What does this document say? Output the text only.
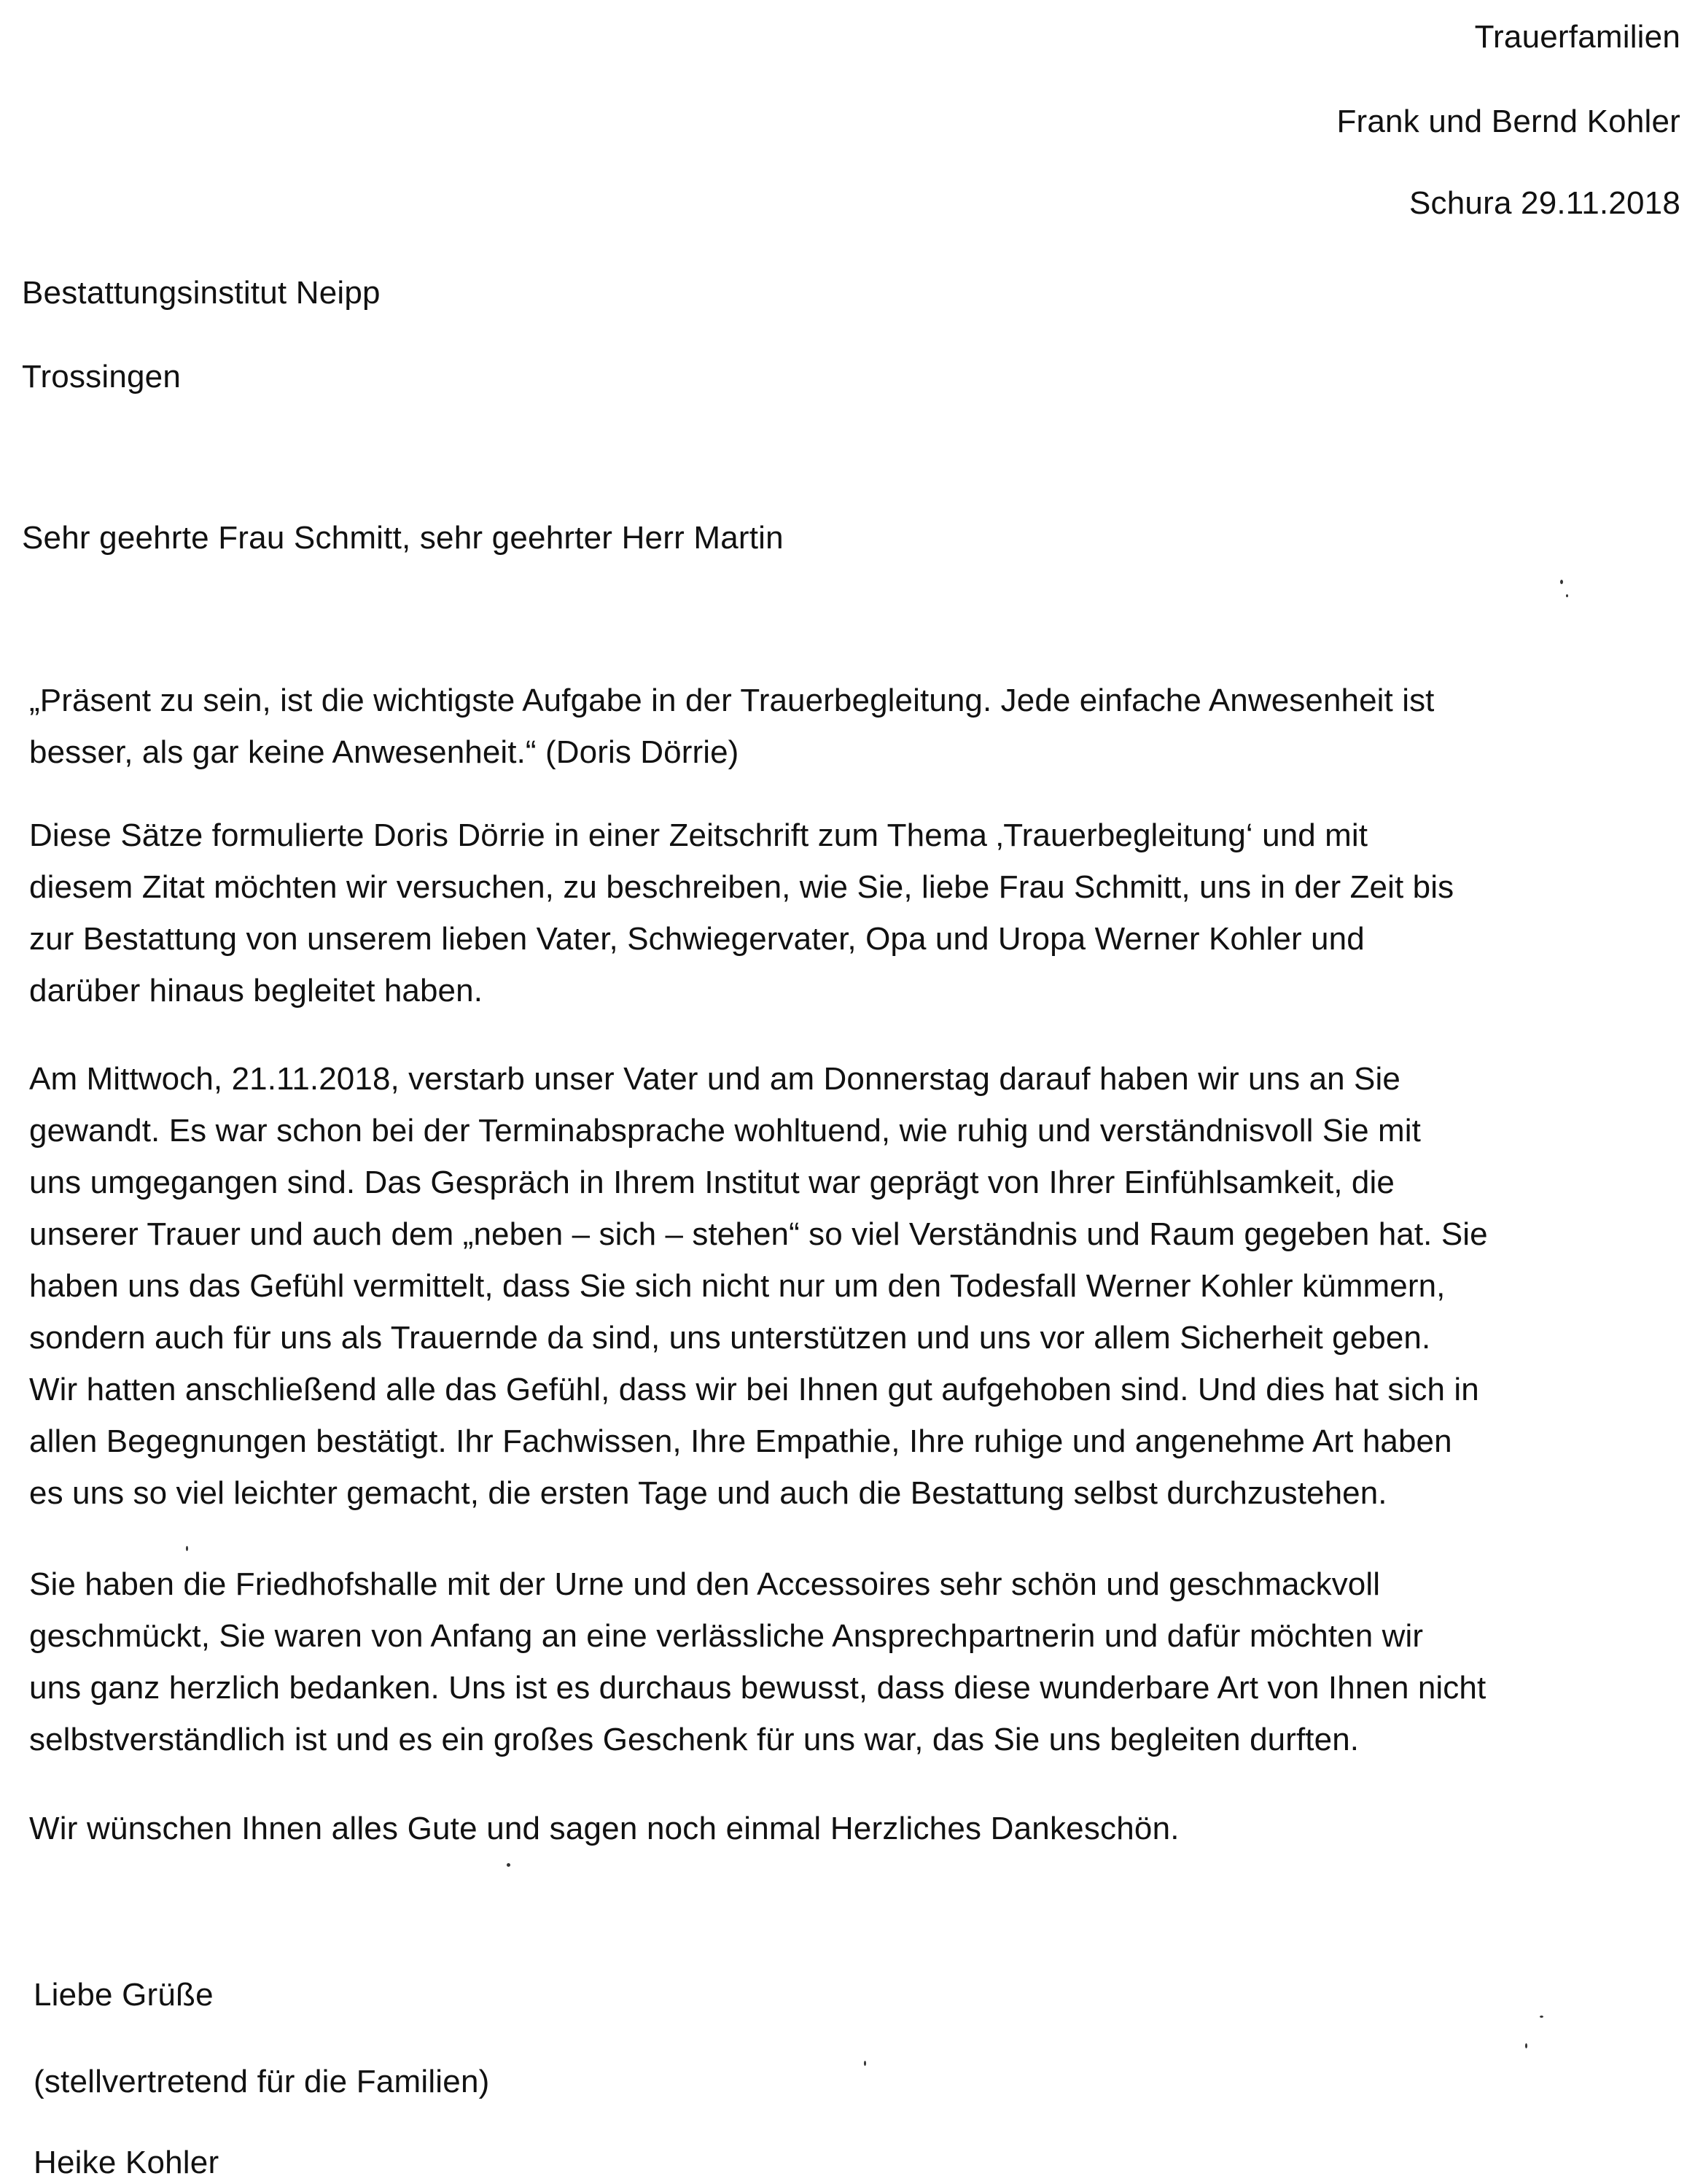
Trauerfamilien
Frank und Bernd Kohler
Schura 29.11.2018
Bestattungsinstitut Neipp
Trossingen
Sehr geehrte Frau Schmitt, sehr geehrter Herr Martin

„Präsent zu sein, ist die wichtigste Aufgabe in der Trauerbegleitung. Jede einfache Anwesenheit ist

besser, als gar keine Anwesenheit.“ (Doris Dörrie)

Diese Sätze formulierte Doris Dörrie in einer Zeitschrift zum Thema ‚Trauerbegleitung‘ und mit

diesem Zitat möchten wir versuchen, zu beschreiben, wie Sie, liebe Frau Schmitt, uns in der Zeit bis

zur Bestattung von unserem lieben Vater, Schwiegervater, Opa und Uropa Werner Kohler und

darüber hinaus begleitet haben.

Am Mittwoch, 21.11.2018, verstarb unser Vater und am Donnerstag darauf haben wir uns an Sie

gewandt. Es war schon bei der Terminabsprache wohltuend, wie ruhig und verständnisvoll Sie mit

uns umgegangen sind. Das Gespräch in Ihrem Institut war geprägt von Ihrer Einfühlsamkeit, die

unserer Trauer und auch dem „neben – sich – stehen“ so viel Verständnis und Raum gegeben hat. Sie

haben uns das Gefühl vermittelt, dass Sie sich nicht nur um den Todesfall Werner Kohler kümmern,

sondern auch für uns als Trauernde da sind, uns unterstützen und uns vor allem Sicherheit geben.

Wir hatten anschließend alle das Gefühl, dass wir bei Ihnen gut aufgehoben sind. Und dies hat sich in

allen Begegnungen bestätigt. Ihr Fachwissen, Ihre Empathie, Ihre ruhige und angenehme Art haben

es uns so viel leichter gemacht, die ersten Tage und auch die Bestattung selbst durchzustehen.

Sie haben die Friedhofshalle mit der Urne und den Accessoires sehr schön und geschmackvoll

geschmückt, Sie waren von Anfang an eine verlässliche Ansprechpartnerin und dafür möchten wir

uns ganz herzlich bedanken. Uns ist es durchaus bewusst, dass diese wunderbare Art von Ihnen nicht

selbstverständlich ist und es ein großes Geschenk für uns war, das Sie uns begleiten durften.

Wir wünschen Ihnen alles Gute und sagen noch einmal Herzliches Dankeschön.
Liebe Grüße
(stellvertretend für die Familien)
Heike Kohler
